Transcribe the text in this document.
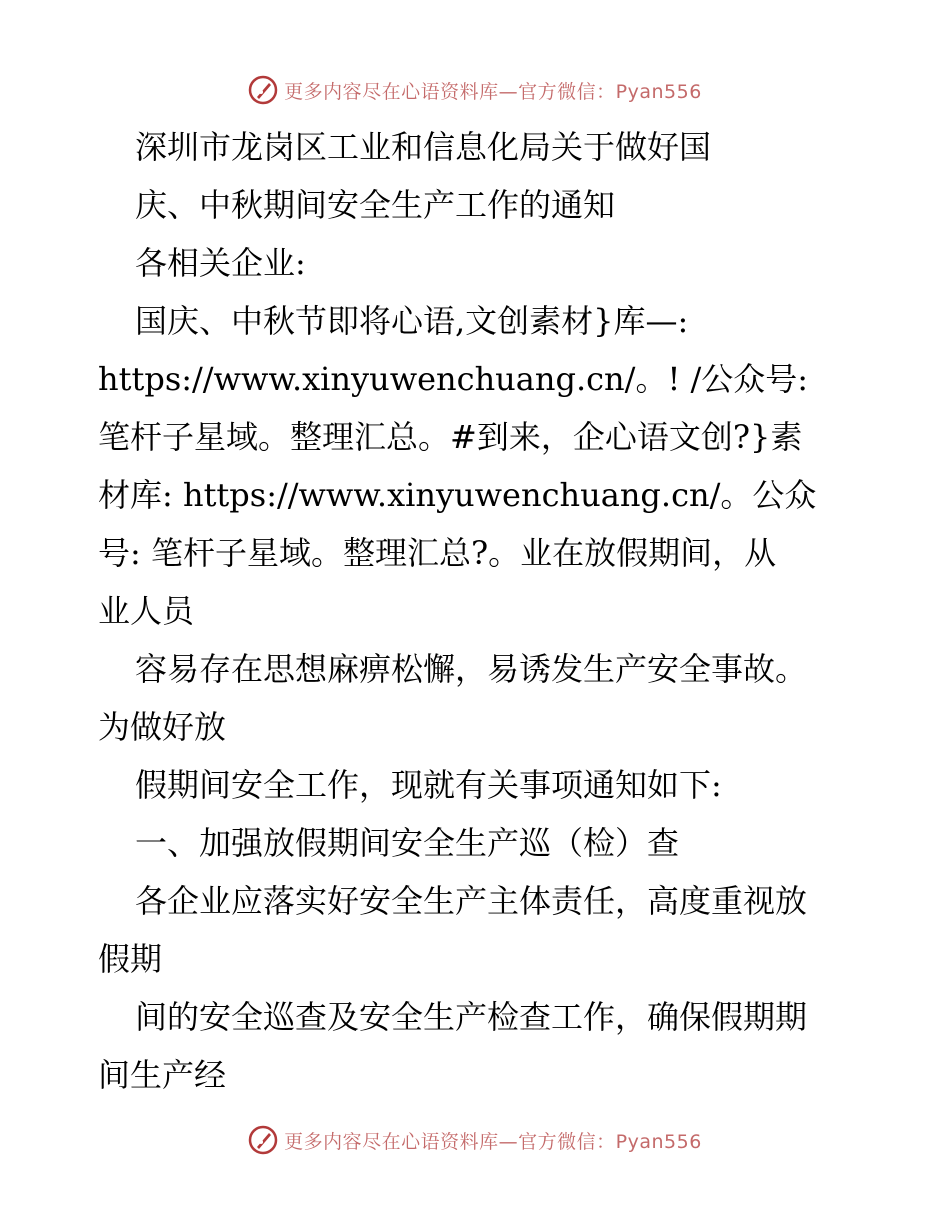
更多内容尽在心语资料库—官方微信：Pyan556
深圳市龙岗区工业和信息化局关于做好国
庆、中秋期间安全生产工作的通知
各相关企业:
国庆、中秋节即将心语,文创素材}库—:
https://www.xinyuwenchuang.cn/。! /公众号:
笔杆子星域。整理汇总。#到来，企心语文创?}素
材库: https://www.xinyuwenchuang.cn/。公众
号: 笔杆子星域。整理汇总?。业在放假期间，从
业人员
容易存在思想麻痹松懈，易诱发生产安全事故。
为做好放
假期间安全工作，现就有关事项通知如下:
一、加强放假期间安全生产巡（检）查
各企业应落实好安全生产主体责任，高度重视放
假期
间的安全巡查及安全生产检查工作，确保假期期
间生产经
更多内容尽在心语资料库—官方微信：Pyan556
